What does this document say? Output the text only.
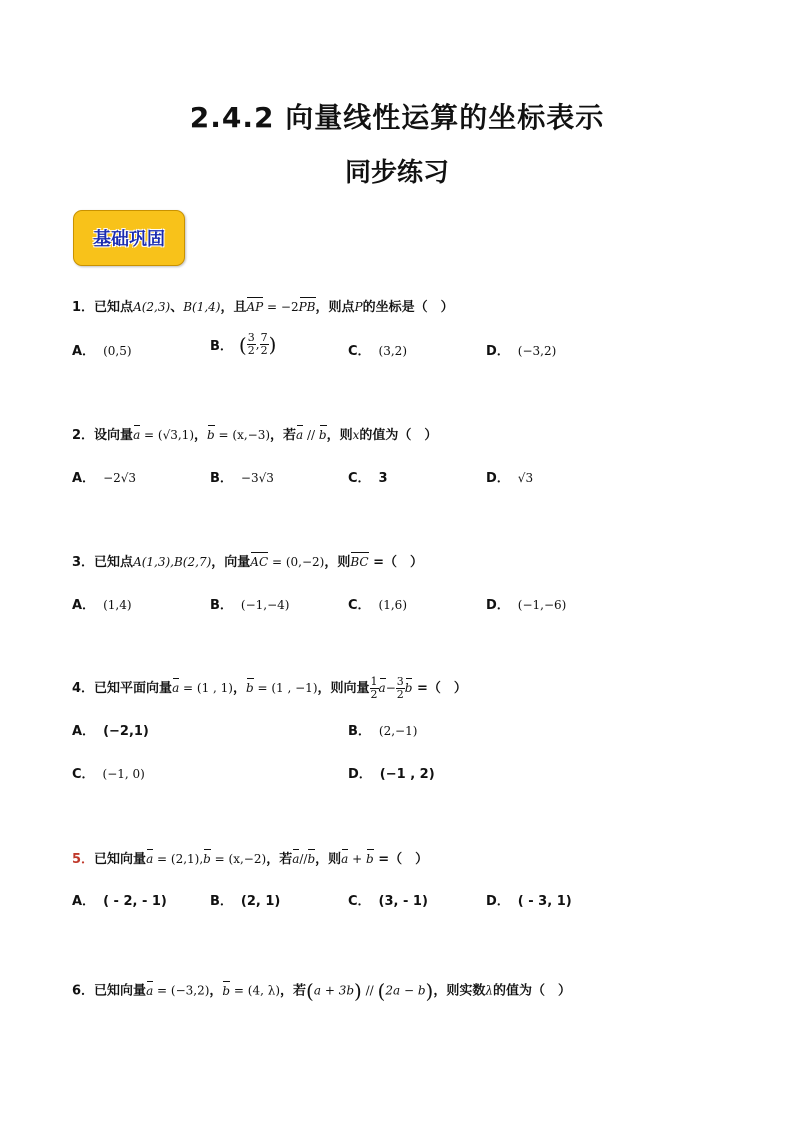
2.4.2 向量线性运算的坐标表示
同步练习
基础巩固
1．已知点A(2,3)、B(1,4)，且AP = −2PB，则点P的坐标是（　）
A． (0,5)	B． ( $\frac{3}{2}$ , $\frac{7}{2}$ )	C． (3,2)	D． (−3,2)
2．设向量a = (√3,1)，b = (x,−3)，若a // b，则x的值为（　）
A． −2√3	B． −3√3	C． 3	D． √3
3．已知点A(1,3),B(2,7)，向量AC = (0,−2)，则BC =（　）
A． (1,4)	B． (−1,−4)	C． (1,6)	D． (−1,−6)
4．已知平面向量a = (1 , 1)，b = (1 , −1)，则向量 $\frac{1}{2} a- \frac{3}{2}$ b =（　）
A． (−2,1)	B． (2,−1)
C． (−1, 0)	D． (−1 , 2)
5．已知向量a = (2,1),b = (x,−2)，若a//b，则a + b =（　）
A． ( - 2, - 1)	B． (2, 1)	C． (3, - 1)	D． ( - 3, 1)
6．已知向量a = (−3,2)，b = (4, λ)，若(a + 3b) // (2a − b)，则实数λ的值为（　）
